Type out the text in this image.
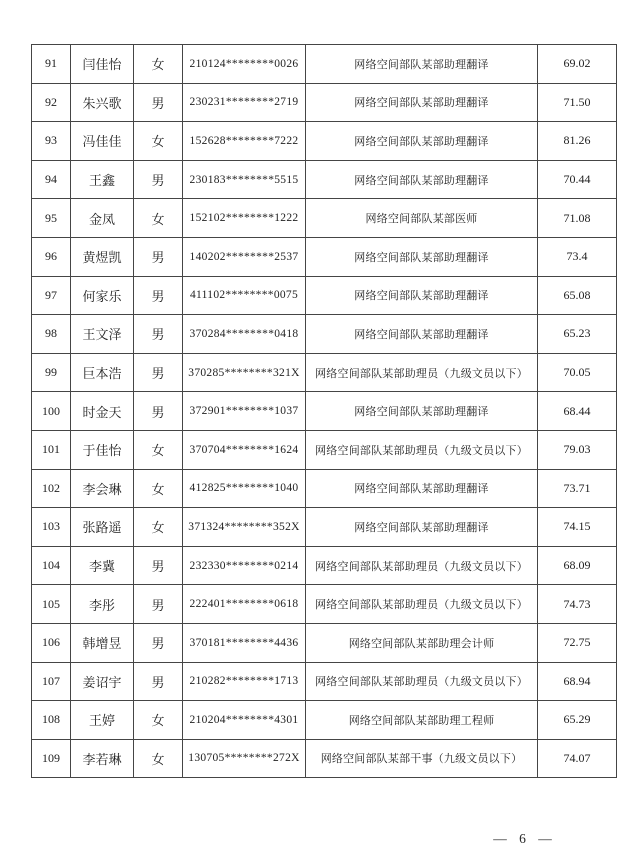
91	闫佳怡	女	210124********0026	网络空间部队某部助理翻译	69.02
92	朱兴歌	男	230231********2719	网络空间部队某部助理翻译	71.50
93	冯佳佳	女	152628********7222	网络空间部队某部助理翻译	81.26
94	王鑫	男	230183********5515	网络空间部队某部助理翻译	70.44
95	金凤	女	152102********1222	网络空间部队某部医师	71.08
96	黄煜凯	男	140202********2537	网络空间部队某部助理翻译	73.4
97	何家乐	男	411102********0075	网络空间部队某部助理翻译	65.08
98	王文泽	男	370284********0418	网络空间部队某部助理翻译	65.23
99	巨本浩	男	370285********321X	网络空间部队某部助理员（九级文员以下）	70.05
100	时金天	男	372901********1037	网络空间部队某部助理翻译	68.44
101	于佳怡	女	370704********1624	网络空间部队某部助理员（九级文员以下）	79.03
102	李会琳	女	412825********1040	网络空间部队某部助理翻译	73.71
103	张路遥	女	371324********352X	网络空间部队某部助理翻译	74.15
104	李冀	男	232330********0214	网络空间部队某部助理员（九级文员以下）	68.09
105	李彤	男	222401********0618	网络空间部队某部助理员（九级文员以下）	74.73
106	韩增昱	男	370181********4436	网络空间部队某部助理会计师	72.75
107	姜诏宇	男	210282********1713	网络空间部队某部助理员（九级文员以下）	68.94
108	王婷	女	210204********4301	网络空间部队某部助理工程师	65.29
109	李若琳	女	130705********272X	网络空间部队某部干事（九级文员以下）	74.07
— 6 —
